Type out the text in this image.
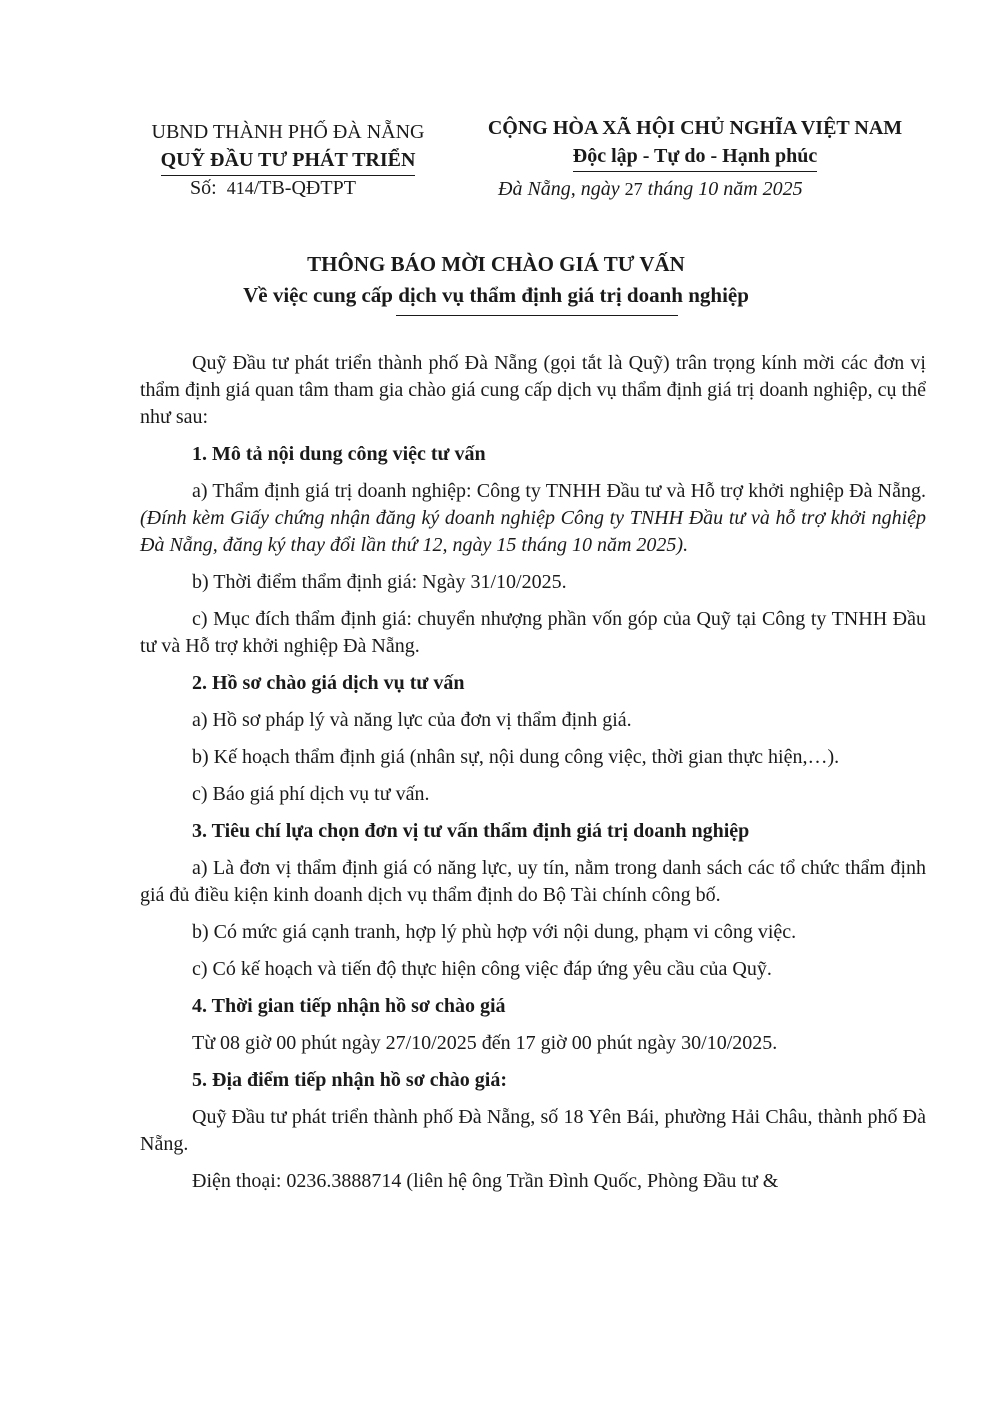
UBND THÀNH PHỐ ĐÀ NẴNG
QUỸ ĐẦU TƯ PHÁT TRIỂN
Số: 414/TB-QĐTPT
CỘNG HÒA XÃ HỘI CHỦ NGHĨA VIỆT NAM
Độc lập - Tự do - Hạnh phúc
Đà Nẵng, ngày 27 tháng 10 năm 2025
THÔNG BÁO MỜI CHÀO GIÁ TƯ VẤN
Về việc cung cấp dịch vụ thẩm định giá trị doanh nghiệp

Quỹ Đầu tư phát triển thành phố Đà Nẵng (gọi tắt là Quỹ) trân trọng kính mời các đơn vị thẩm định giá quan tâm tham gia chào giá cung cấp dịch vụ thẩm định giá trị doanh nghiệp, cụ thể như sau:

1. Mô tả nội dung công việc tư vấn

a) Thẩm định giá trị doanh nghiệp: Công ty TNHH Đầu tư và Hỗ trợ khởi nghiệp Đà Nẵng. (Đính kèm Giấy chứng nhận đăng ký doanh nghiệp Công ty TNHH Đầu tư và hỗ trợ khởi nghiệp Đà Nẵng, đăng ký thay đổi lần thứ 12, ngày 15 tháng 10 năm 2025).

b) Thời điểm thẩm định giá: Ngày 31/10/2025.

c) Mục đích thẩm định giá: chuyển nhượng phần vốn góp của Quỹ tại Công ty TNHH Đầu tư và Hỗ trợ khởi nghiệp Đà Nẵng.

2. Hồ sơ chào giá dịch vụ tư vấn

a) Hồ sơ pháp lý và năng lực của đơn vị thẩm định giá.

b) Kế hoạch thẩm định giá (nhân sự, nội dung công việc, thời gian thực hiện,…).

c) Báo giá phí dịch vụ tư vấn.

3. Tiêu chí lựa chọn đơn vị tư vấn thẩm định giá trị doanh nghiệp

a) Là đơn vị thẩm định giá có năng lực, uy tín, nằm trong danh sách các tổ chức thẩm định giá đủ điều kiện kinh doanh dịch vụ thẩm định do Bộ Tài chính công bố.

b) Có mức giá cạnh tranh, hợp lý phù hợp với nội dung, phạm vi công việc.

c) Có kế hoạch và tiến độ thực hiện công việc đáp ứng yêu cầu của Quỹ.

4. Thời gian tiếp nhận hồ sơ chào giá

Từ 08 giờ 00 phút ngày 27/10/2025 đến 17 giờ 00 phút ngày 30/10/2025.

5. Địa điểm tiếp nhận hồ sơ chào giá:

Quỹ Đầu tư phát triển thành phố Đà Nẵng, số 18 Yên Bái, phường Hải Châu, thành phố Đà Nẵng.

Điện thoại: 0236.3888714 (liên hệ ông Trần Đình Quốc, Phòng Đầu tư &
